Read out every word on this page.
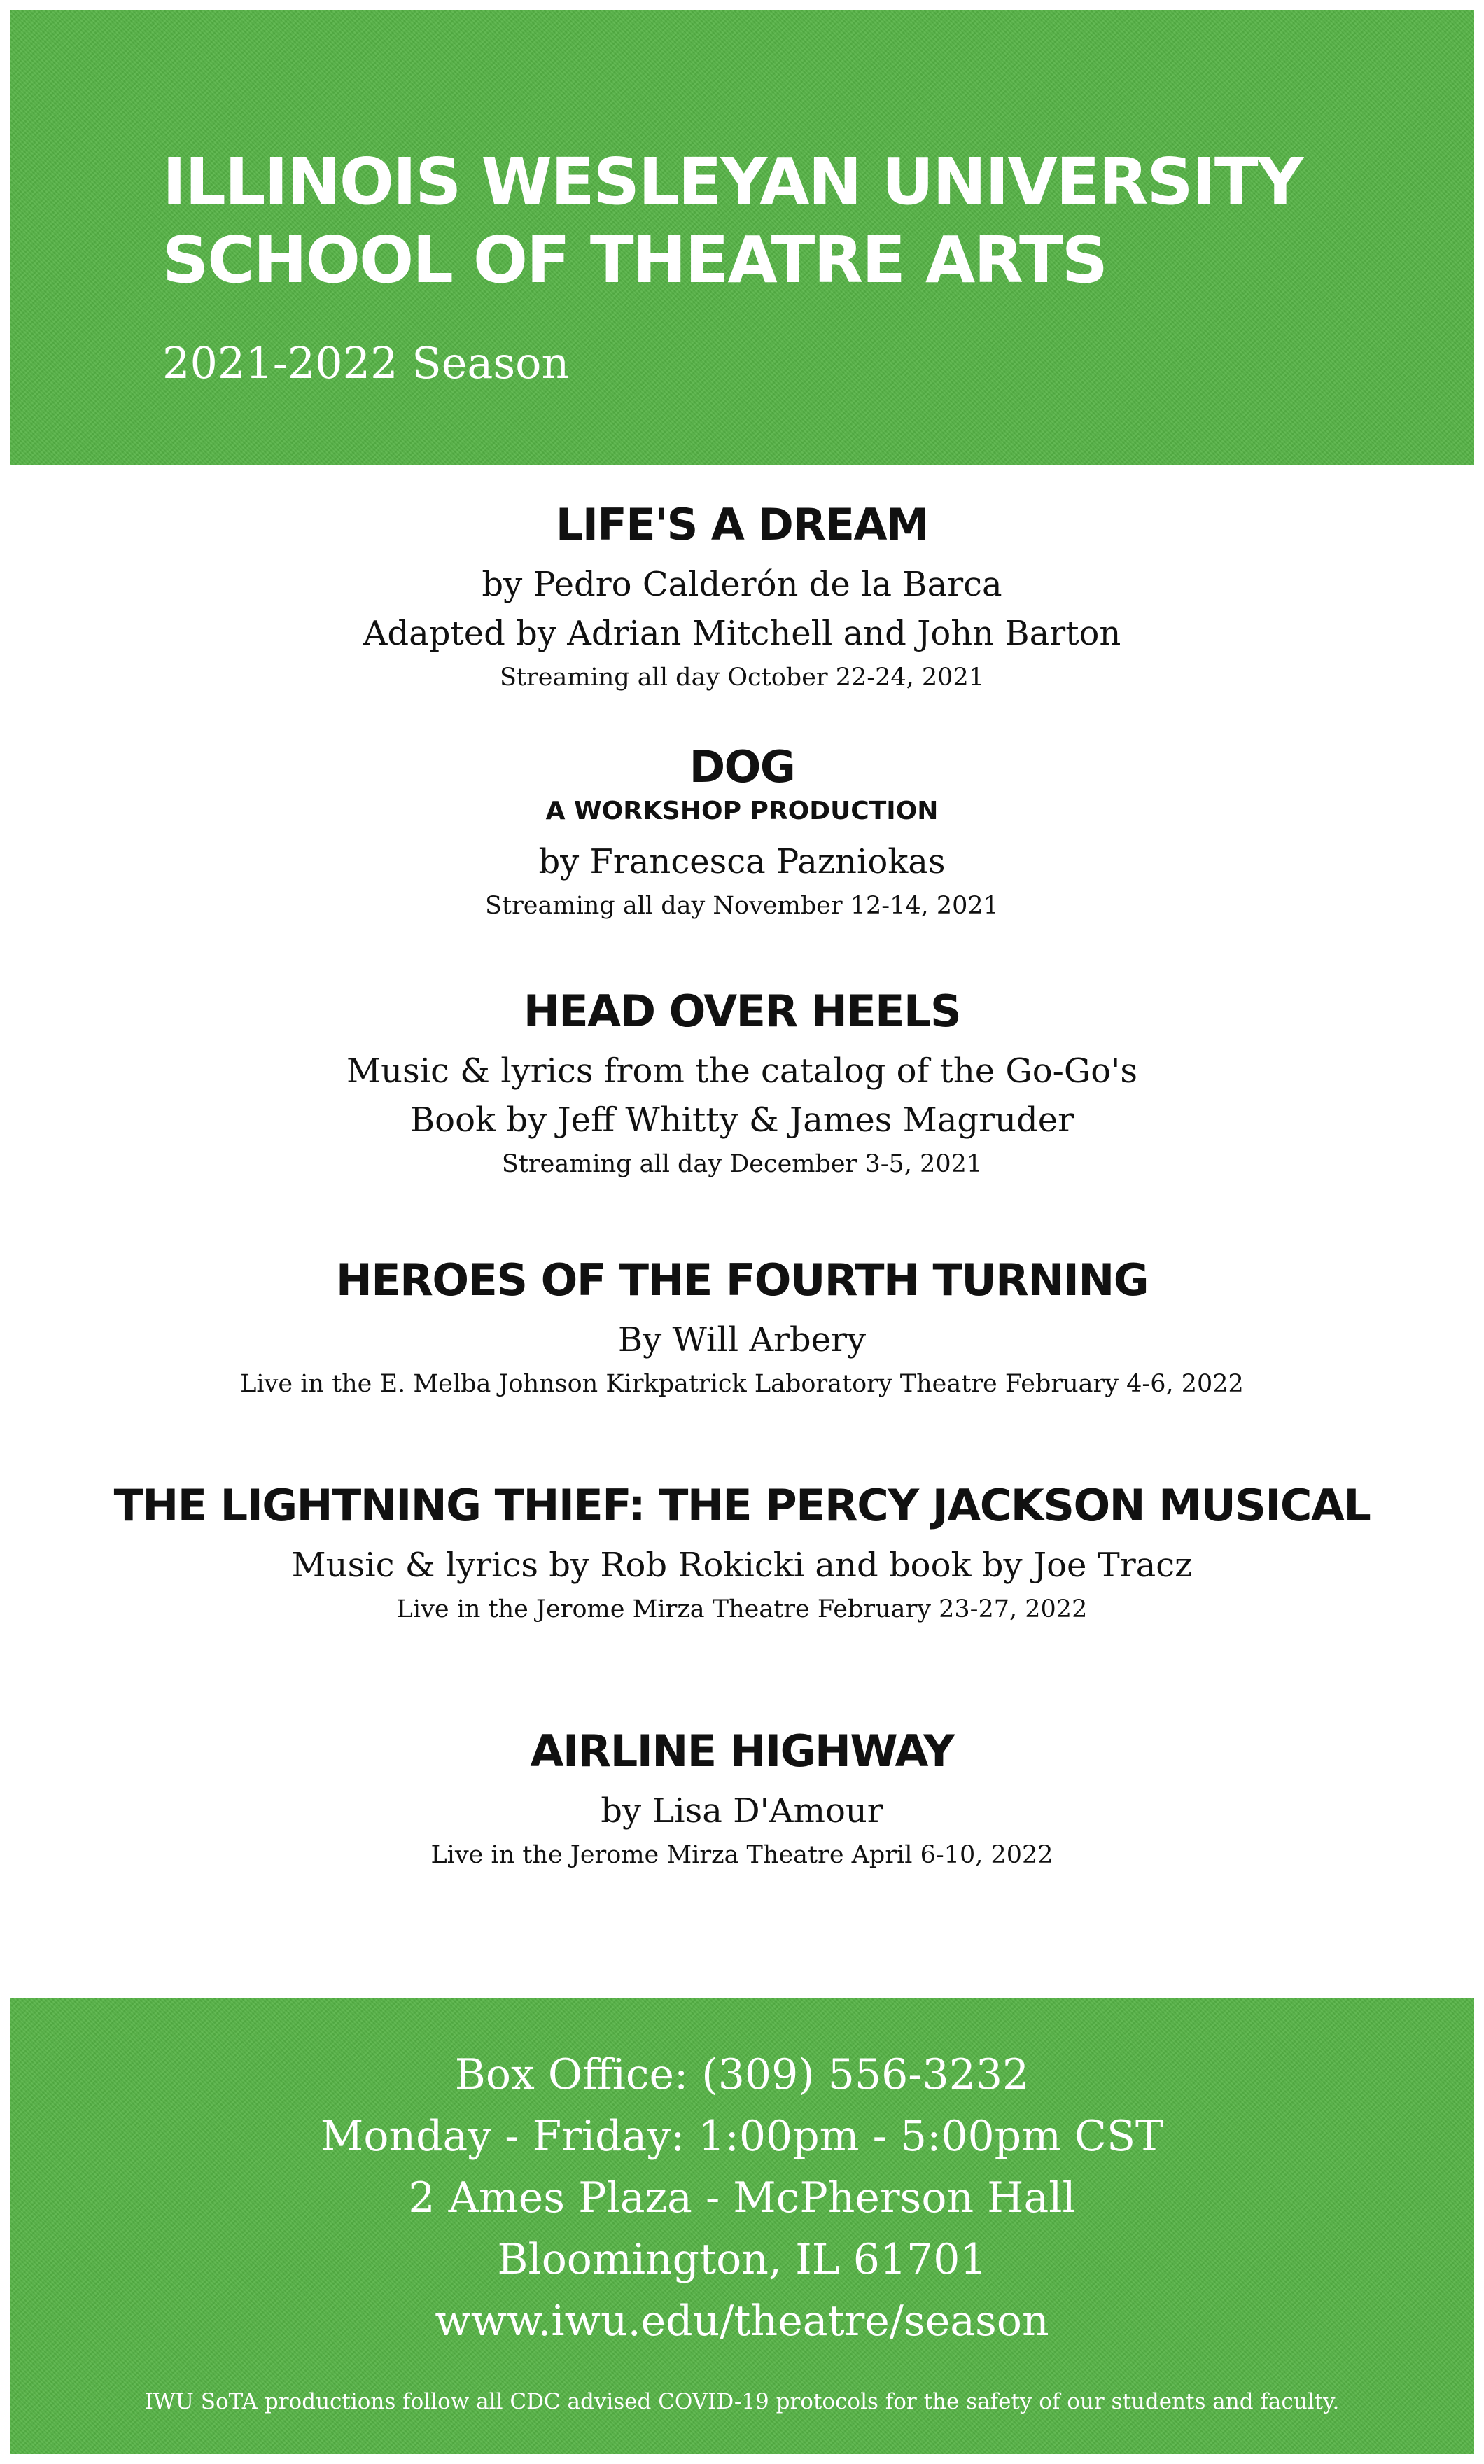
ILLINOIS WESLEYAN UNIVERSITY
SCHOOL OF THEATRE ARTS

2021-2022 Season

LIFE'S A DREAM

by Pedro Calderón de la Barca

Adapted by Adrian Mitchell and John Barton

Streaming all day October 22-24, 2021

DOG

A WORKSHOP PRODUCTION

by Francesca Pazniokas

Streaming all day November 12-14, 2021

HEAD OVER HEELS

Music & lyrics from the catalog of the Go-Go's

Book by Jeff Whitty & James Magruder

Streaming all day December 3-5, 2021

HEROES OF THE FOURTH TURNING

By Will Arbery

Live in the E. Melba Johnson Kirkpatrick Laboratory Theatre February 4-6, 2022

THE LIGHTNING THIEF: THE PERCY JACKSON MUSICAL

Music & lyrics by Rob Rokicki and book by Joe Tracz

Live in the Jerome Mirza Theatre February 23-27, 2022

AIRLINE HIGHWAY

by Lisa D'Amour

Live in the Jerome Mirza Theatre April 6-10, 2022

Box Office: (309) 556-3232
Monday - Friday: 1:00pm - 5:00pm CST
2 Ames Plaza - McPherson Hall
Bloomington, IL 61701
www.iwu.edu/theatre/season
IWU SoTA productions follow all CDC advised COVID-19 protocols for the safety of our students and faculty.
